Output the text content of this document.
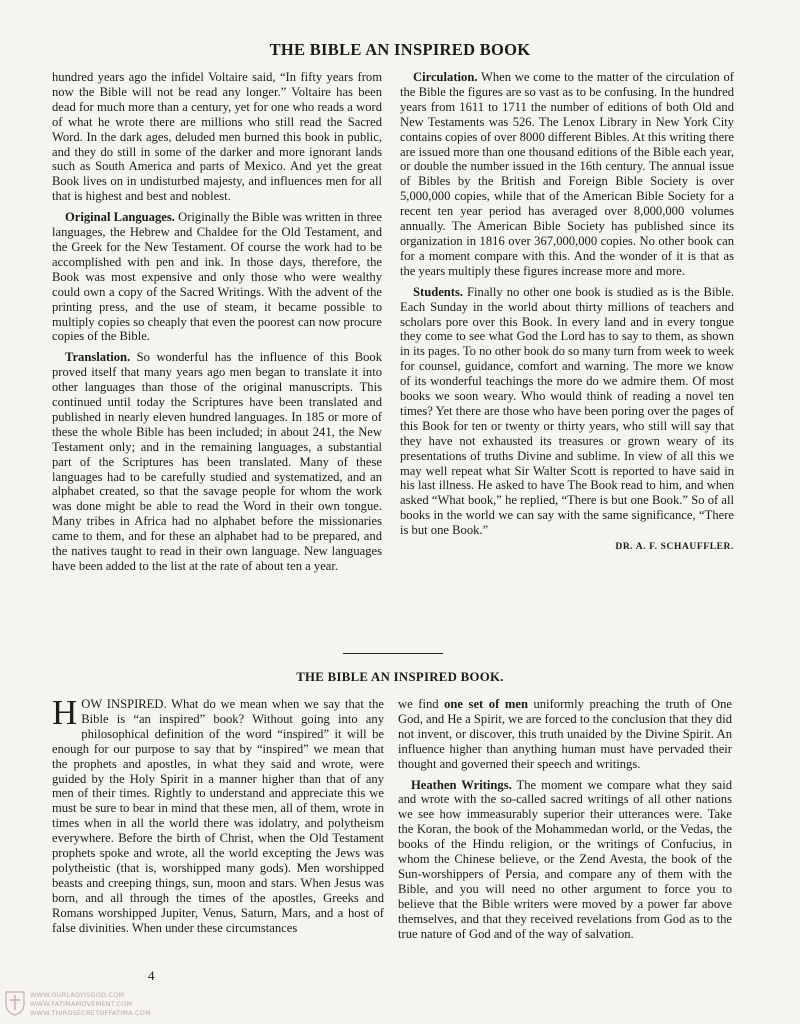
THE BIBLE AN INSPIRED BOOK

hundred years ago the infidel Voltaire said, “In fifty years from now the Bible will not be read any longer.” Voltaire has been dead for much more than a century, yet for one who reads a word of what he wrote there are millions who still read the Sacred Word. In the dark ages, deluded men burned this book in public, and they do still in some of the darker and more ignorant lands such as South America and parts of Mexico. And yet the great Book lives on in undisturbed majesty, and influences men for all that is highest and best and noblest.

Original Languages. Originally the Bible was written in three languages, the Hebrew and Chaldee for the Old Testament, and the Greek for the New Testament. Of course the work had to be accomplished with pen and ink. In those days, therefore, the Book was most expensive and only those who were wealthy could own a copy of the Sacred Writings. With the advent of the printing press, and the use of steam, it became possible to multiply copies so cheaply that even the poorest can now procure copies of the Bible.

Translation. So wonderful has the influence of this Book proved itself that many years ago men began to translate it into other languages than those of the original manuscripts. This continued until today the Scriptures have been translated and published in nearly eleven hundred languages. In 185 or more of these the whole Bible has been included; in about 241, the New Testament only; and in the remaining languages, a substantial part of the Scriptures has been translated. Many of these languages had to be carefully studied and systematized, and an alphabet created, so that the savage people for whom the work was done might be able to read the Word in their own tongue. Many tribes in Africa had no alphabet before the missionaries came to them, and for these an alphabet had to be prepared, and the natives taught to read in their own language. New languages have been added to the list at the rate of about ten a year.

Circulation. When we come to the matter of the circulation of the Bible the figures are so vast as to be confusing. In the hundred years from 1611 to 1711 the number of editions of both Old and New Testaments was 526. The Lenox Library in New York City contains copies of over 8000 different Bibles. At this writing there are issued more than one thousand editions of the Bible each year, or double the number issued in the 16th century. The annual issue of Bibles by the British and Foreign Bible Society is over 5,000,000 copies, while that of the American Bible Society for a recent ten year period has averaged over 8,000,000 volumes annually. The American Bible Society has published since its organization in 1816 over 367,000,000 copies. No other book can for a moment compare with this. And the wonder of it is that as the years multiply these figures increase more and more.

Students. Finally no other one book is studied as is the Bible. Each Sunday in the world about thirty millions of teachers and scholars pore over this Book. In every land and in every tongue they come to see what God the Lord has to say to them, as shown in its pages. To no other book do so many turn from week to week for counsel, guidance, comfort and warning. The more we know of its wonderful teachings the more do we admire them. Of most books we soon weary. Who would think of reading a novel ten times? Yet there are those who have been poring over the pages of this Book for ten or twenty or thirty years, who still will say that they have not exhausted its treasures or grown weary of its presentations of truths Divine and sublime. In view of all this we may well repeat what Sir Walter Scott is reported to have said in his last illness. He asked to have The Book read to him, and when asked “What book,” he replied, “There is but one Book.” So of all books in the world we can say with the same significance, “There is but one Book.”

DR. A. F. SCHAUFFLER.
THE BIBLE AN INSPIRED BOOK.

HOW INSPIRED. What do we mean when we say that the Bible is “an inspired” book? Without going into any philosophical definition of the word “inspired” it will be enough for our purpose to say that by “inspired” we mean that the prophets and apostles, in what they said and wrote, were guided by the Holy Spirit in a manner higher than that of any men of their times. Rightly to understand and appreciate this we must be sure to bear in mind that these men, all of them, wrote in times when in all the world there was idolatry, and polytheism everywhere. Before the birth of Christ, when the Old Testament prophets spoke and wrote, all the world excepting the Jews was polytheistic (that is, worshipped many gods). Men worshipped beasts and creeping things, sun, moon and stars. When Jesus was born, and all through the times of the apostles, Greeks and Romans worshipped Jupiter, Venus, Saturn, Mars, and a host of false divinities. When under these circumstances

we find one set of men uniformly preaching the truth of One God, and He a Spirit, we are forced to the conclusion that they did not invent, or discover, this truth unaided by the Divine Spirit. An influence higher than anything human must have pervaded their thought and governed their speech and writings.

Heathen Writings. The moment we compare what they said and wrote with the so-called sacred writings of all other nations we see how immeasurably superior their utterances were. Take the Koran, the book of the Mohammedan world, or the Vedas, the books of the Hindu religion, or the writings of Confucius, in whom the Chinese believe, or the Zend Avesta, the book of the Sun-worshippers of Persia, and compare any of them with the Bible, and you will need no other argument to force you to believe that the Bible writers were moved by a power far above themselves, and that they received revelations from God as to the true nature of God and of the way of salvation.

4
WWW.OURLADYISGOD.COM
WWW.FATIMAMOVEMENT.COM
WWW.THIRDSECRETOFFATIMA.COM
